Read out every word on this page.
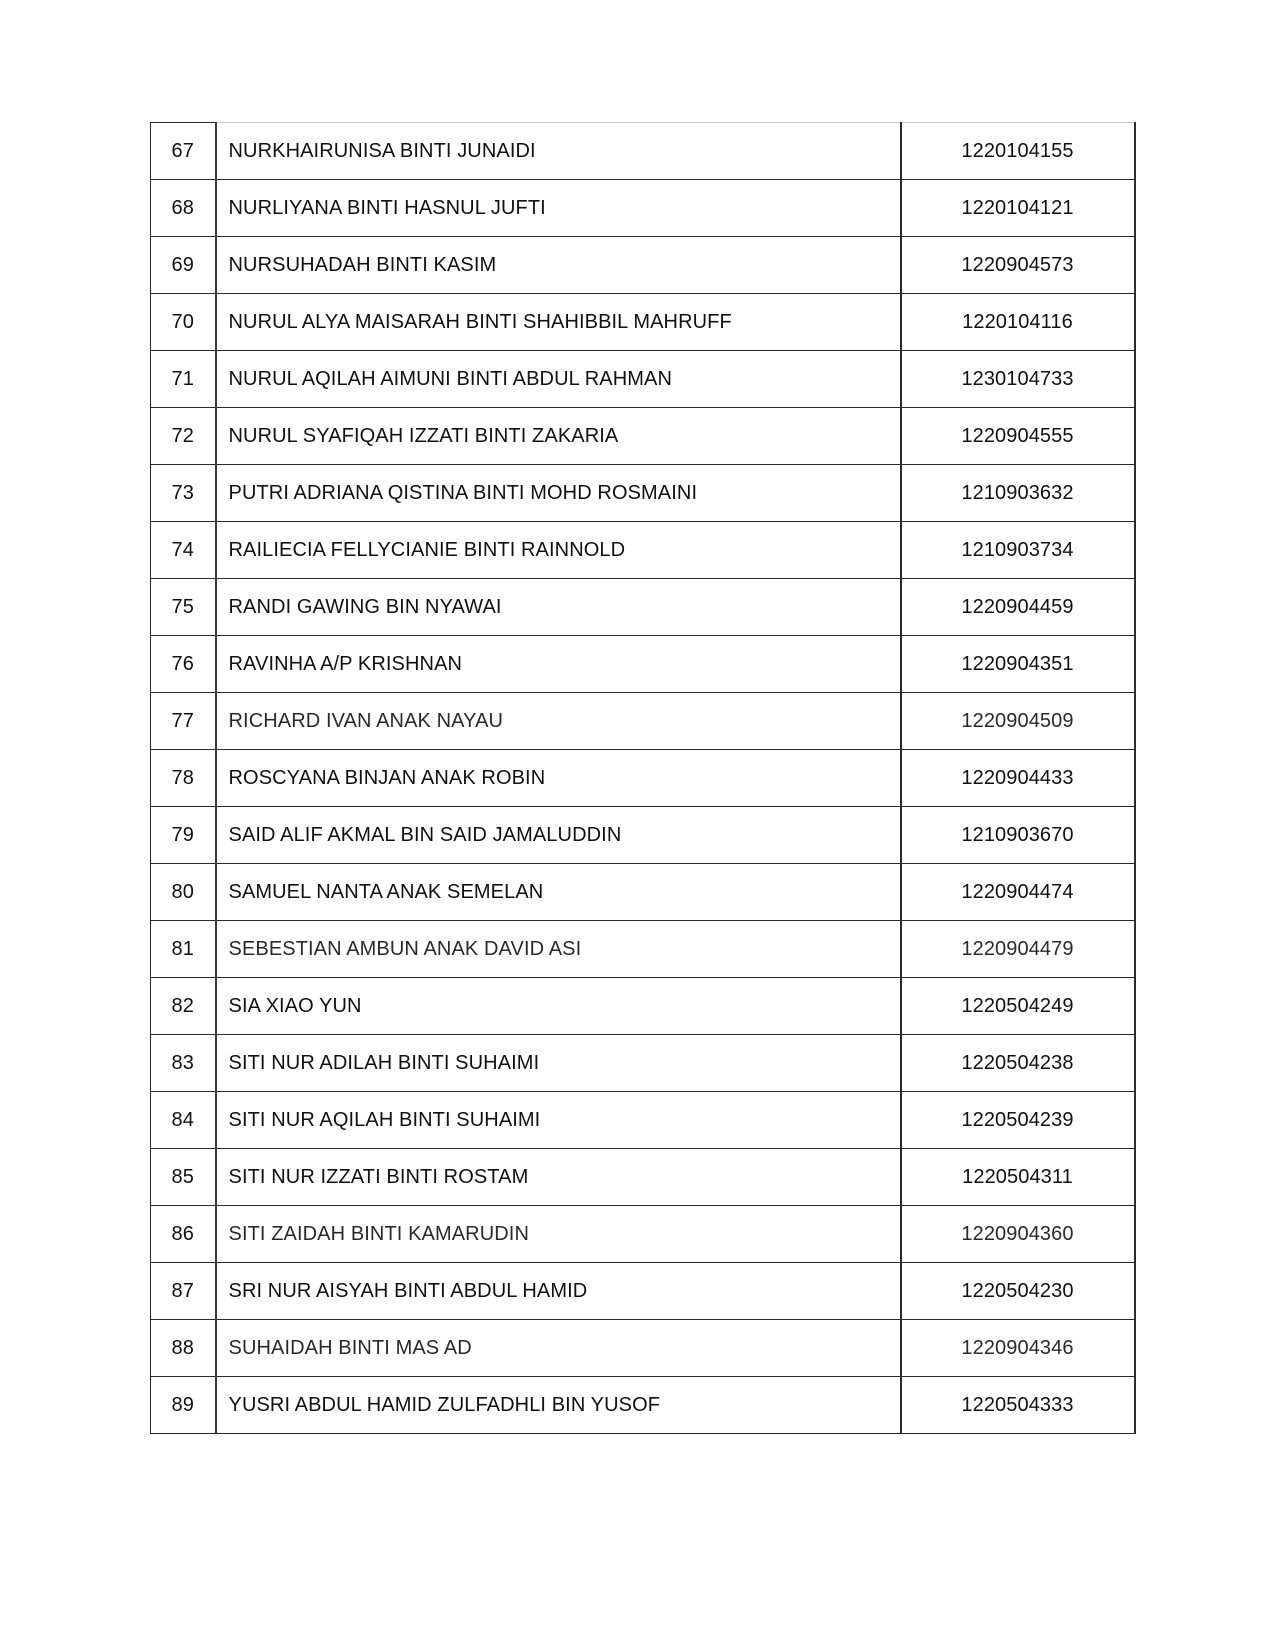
67	NURKHAIRUNISA BINTI JUNAIDI	1220104155
68	NURLIYANA BINTI HASNUL JUFTI	1220104121
69	NURSUHADAH BINTI KASIM	1220904573
70	NURUL ALYA MAISARAH BINTI SHAHIBBIL MAHRUFF	1220104116
71	NURUL AQILAH AIMUNI BINTI ABDUL RAHMAN	1230104733
72	NURUL SYAFIQAH IZZATI BINTI ZAKARIA	1220904555
73	PUTRI ADRIANA QISTINA BINTI MOHD ROSMAINI	1210903632
74	RAILIECIA FELLYCIANIE BINTI RAINNOLD	1210903734
75	RANDI GAWING BIN NYAWAI	1220904459
76	RAVINHA A/P KRISHNAN	1220904351
77	RICHARD IVAN ANAK NAYAU	1220904509
78	ROSCYANA BINJAN ANAK ROBIN	1220904433
79	SAID ALIF AKMAL BIN SAID JAMALUDDIN	1210903670
80	SAMUEL NANTA ANAK SEMELAN	1220904474
81	SEBESTIAN AMBUN ANAK DAVID ASI	1220904479
82	SIA XIAO YUN	1220504249
83	SITI NUR ADILAH BINTI SUHAIMI	1220504238
84	SITI NUR AQILAH BINTI SUHAIMI	1220504239
85	SITI NUR IZZATI BINTI ROSTAM	1220504311
86	SITI ZAIDAH BINTI KAMARUDIN	1220904360
87	SRI NUR AISYAH BINTI ABDUL HAMID	1220504230
88	SUHAIDAH BINTI MAS AD	1220904346
89	YUSRI ABDUL HAMID ZULFADHLI BIN YUSOF	1220504333
